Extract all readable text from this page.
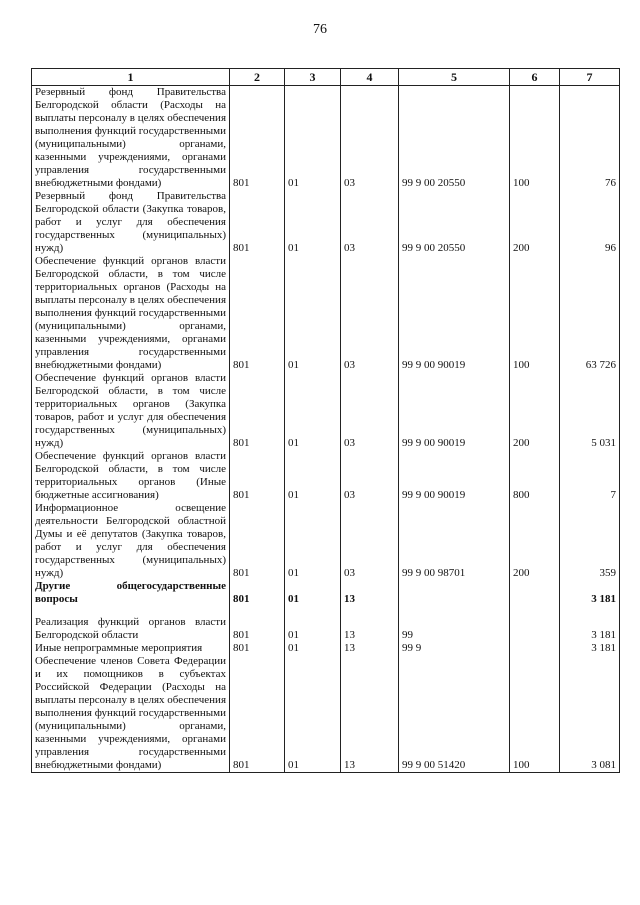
76
1	2	3	4	5	6	7
Резервный фонд Правительства Белгородской области (Расходы на выплаты персоналу в целях обеспечения выполнения функций государственными (муниципальными) органами, казенными учреждениями, органами управления государственными внебюджетными фондами)	801	01	03	99 9 00 20550	100	76
Резервный фонд Правительства Белгородской области (Закупка товаров, работ и услуг для обеспечения государственных (муниципальных) нужд)	801	01	03	99 9 00 20550	200	96
Обеспечение функций органов власти Белгородской области, в том числе территориальных органов (Расходы на выплаты персоналу в целях обеспечения выполнения функций государственными (муниципальными) органами, казенными учреждениями, органами управления государственными внебюджетными фондами)	801	01	03	99 9 00 90019	100	63 726
Обеспечение функций органов власти Белгородской области, в том числе территориальных органов (Закупка товаров, работ и услуг для обеспечения государственных (муниципальных) нужд)	801	01	03	99 9 00 90019	200	5 031
Обеспечение функций органов власти Белгородской области, в том числе территориальных органов (Иные бюджетные ассигнования)	801	01	03	99 9 00 90019	800	7
Информационное освещение деятельности Белгородской областной Думы и её депутатов (Закупка товаров, работ и услуг для обеспечения государственных (муниципальных) нужд)	801	01	03	99 9 00 98701	200	359
Другие общегосударственные вопросы	801	01	13			3 181

Реализация функций органов власти Белгородской области	801	01	13	99		3 181
Иные непрограммные мероприятия	801	01	13	99 9		3 181
Обеспечение членов Совета Федерации и их помощников в субъектах Российской Федерации (Расходы на выплаты персоналу в целях обеспечения выполнения функций государственными (муниципальными) органами, казенными учреждениями, органами управления государственными внебюджетными фондами)	801	01	13	99 9 00 51420	100	3 081
